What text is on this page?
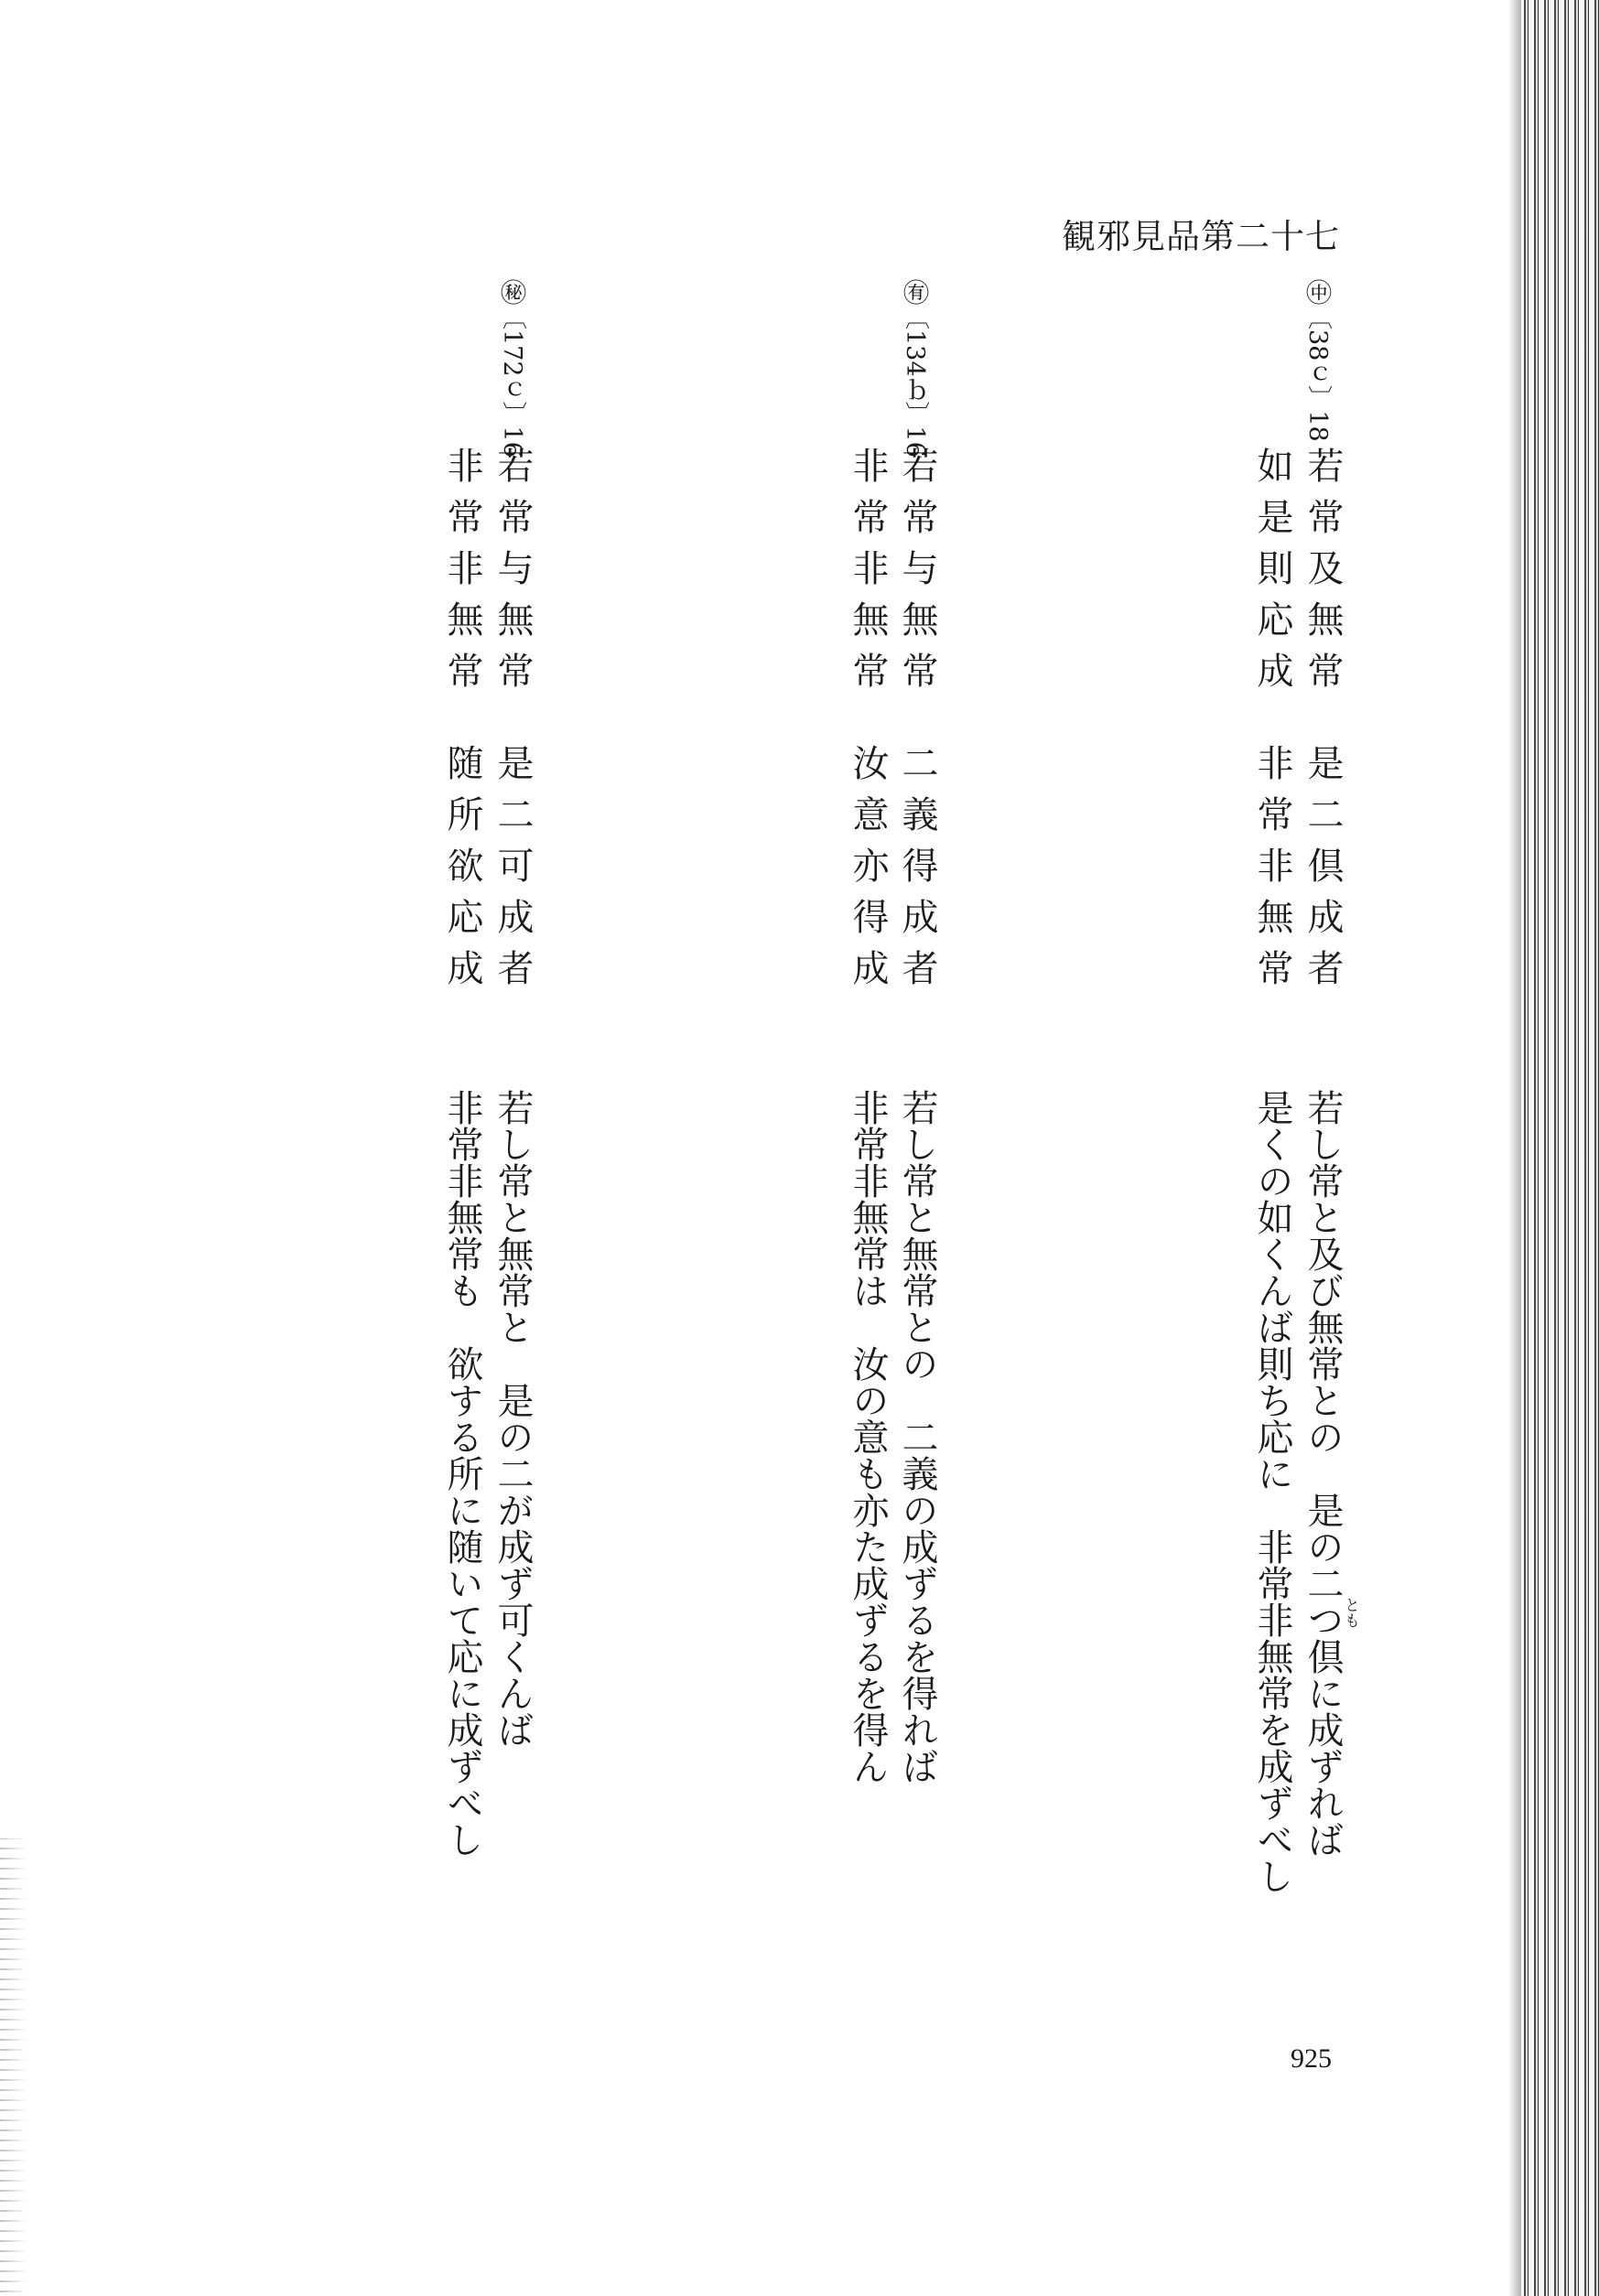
観邪見品第二十七
㊥〔38ｃ〕18
若常及無常
是二倶成者
如是則応成
非常非無常
若し常と及び無常との　是の二つ倶に成ずれば
是くの如くんば則ち応に　非常非無常を成ずべし	とも
㊒〔134ｂ〕16
若常与無常
二義得成者
非常非無常
汝意亦得成
若し常と無常との　二義の成ずるを得れば
非常非無常は　汝の意も亦た成ずるを得ん
㊙〔172ｃ〕16
若常与無常
是二可成者
非常非無常
随所欲応成
若し常と無常と　是の二が成ず可くんば
非常非無常も　欲する所に随いて応に成ずべし
925
